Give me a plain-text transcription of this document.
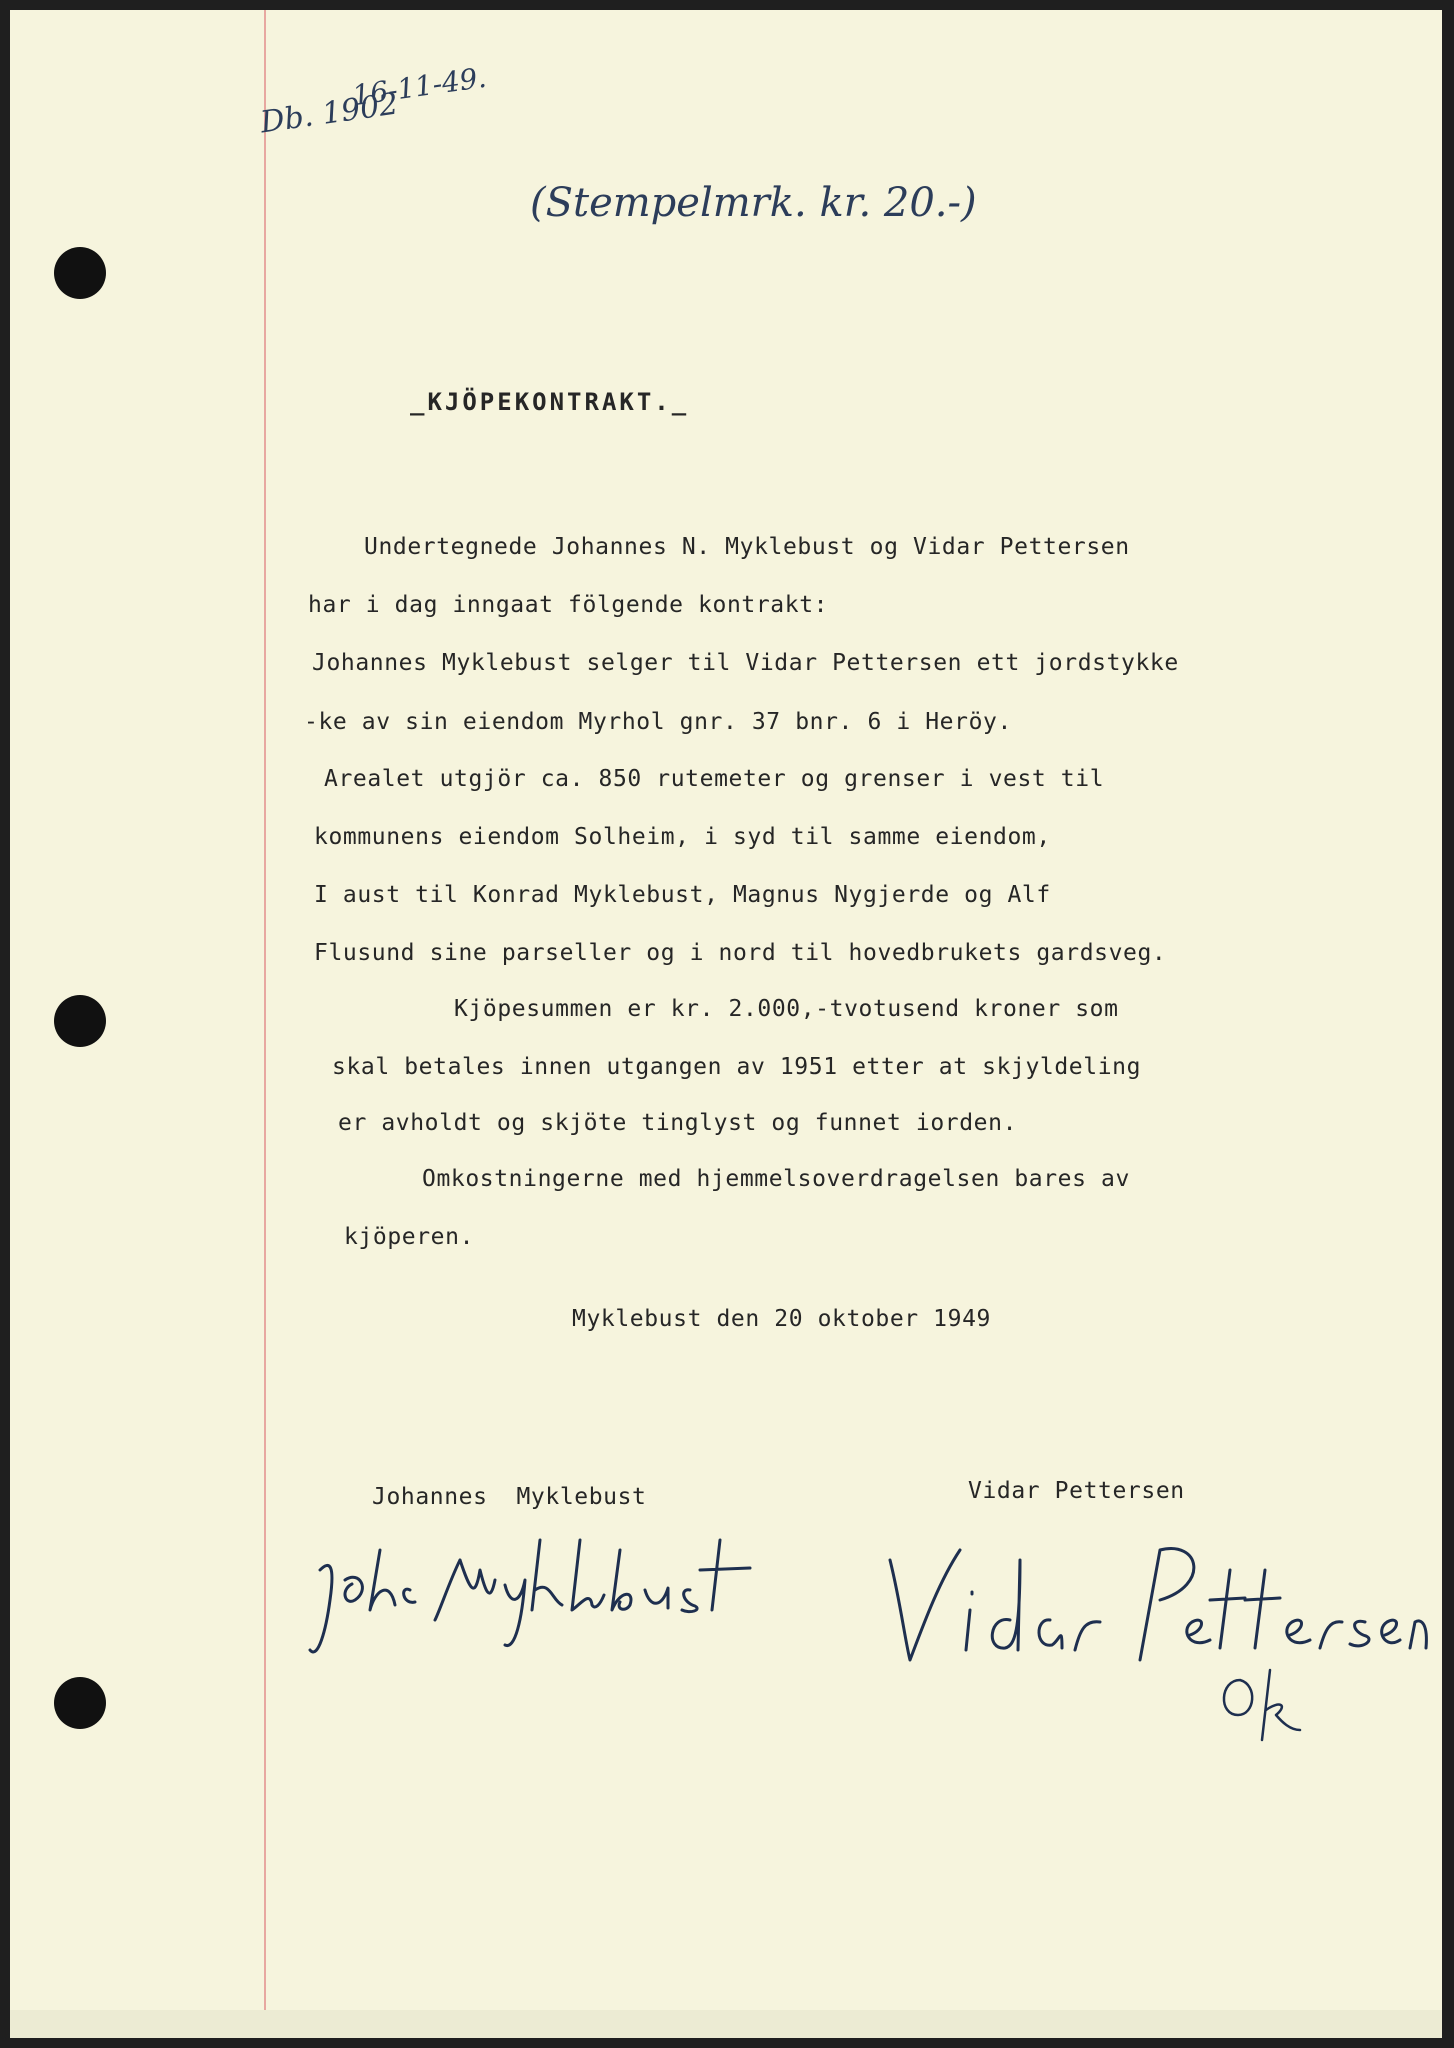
Db. 1902
16-11-49.
(Stempelmrk. kr. 20.-)

_KJÖPEKONTRAKT._

Undertegnede Johannes N. Myklebust og Vidar Pettersen

har i dag inngaat fölgende kontrakt:

Johannes Myklebust selger til Vidar Pettersen ett jordstykke

-ke av sin eiendom Myrhol gnr. 37 bnr. 6 i Heröy.

Arealet utgjör ca. 850 rutemeter og grenser i vest til

kommunens eiendom Solheim, i syd til samme eiendom,

I aust til Konrad Myklebust, Magnus Nygjerde og Alf

Flusund sine parseller og i nord til hovedbrukets gardsveg.

Kjöpesummen er kr. 2.000,-tvotusend kroner som

skal betales innen utgangen av 1951 etter at skjyldeling

er avholdt og skjöte tinglyst og funnet iorden.

Omkostningerne med hjemmelsoverdragelsen bares av

kjöperen.

Myklebust den 20 oktober 1949

Johannes  Myklebust	Vidar Pettersen
